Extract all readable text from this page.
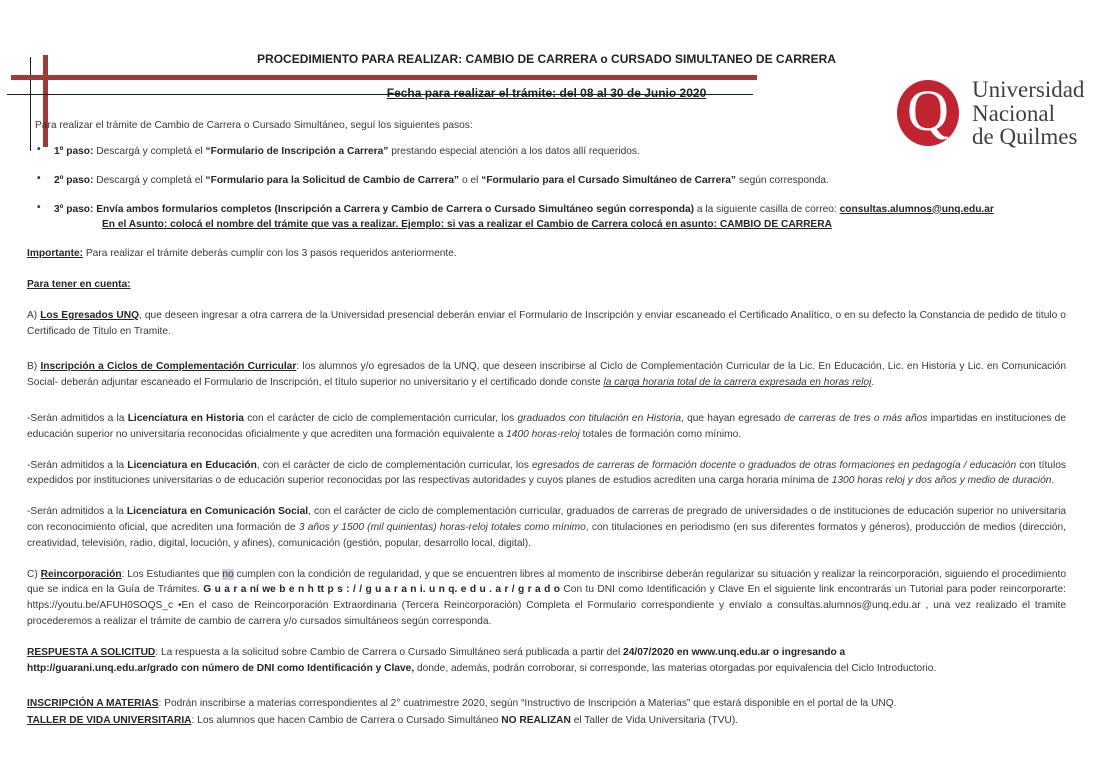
Q	Universidad
Nacional
de Quilmes
PROCEDIMIENTO PARA REALIZAR: CAMBIO DE CARRERA o CURSADO SIMULTANEO DE CARRERA
Fecha para realizar el trámite: del 08 al 30 de Junio 2020
Para realizar el trámite de Cambio de Carrera o Cursado Simultáneo, seguí los siguientes pasos:
•	1º paso: Descargá y completá el “Formulario de Inscripción a Carrera” prestando especial atención a los datos allí requeridos.
•	2º paso: Descargá y completá el “Formulario para la Solicitud de Cambio de Carrera” o el “Formulario para el Cursado Simultáneo de Carrera” según corresponda.
•	3º paso: Envía ambos formularios completos (Inscripción a Carrera y Cambio de Carrera o Cursado Simultáneo según corresponda) a la siguiente casilla de correo: consultas.alumnos@unq.edu.ar
En el Asunto: colocá el nombre del trámite que vas a realizar. Ejemplo: si vas a realizar el Cambio de Carrera colocá en asunto: CAMBIO DE CARRERA
Importante: Para realizar el trámite deberás cumplir con los 3 pasos requeridos anteriormente.
Para tener en cuenta:
A) Los Egresados UNQ, que deseen ingresar a otra carrera de la Universidad presencial deberán enviar el Formulario de Inscripción y enviar escaneado el Certificado Analítico, o en su defecto la Constancia de pedido de titulo o Certificado de Titulo en Tramite.
B) Inscripción a Ciclos de Complementación Curricular: los alumnos y/o egresados de la UNQ, que deseen inscribirse al Ciclo de Complementación Curricular de la Lic. En Educación, Lic. en Historia y Lic. en Comunicación Social- deberán adjuntar escaneado el Formulario de Inscripción, el título superior no universitario y el certificado donde conste la carga horaria total de la carrera expresada en horas reloj.
-Serán admitidos a la Licenciatura en Historia con el carácter de ciclo de complementación curricular, los graduados con titulación en Historia, que hayan egresado de carreras de tres o más años impartidas en instituciones de educación superior no universitaria reconocidas oficialmente y que acrediten una formación equivalente a 1400 horas-reloj totales de formación como mínimo.
-Serán admitidos a la Licenciatura en Educación, con el carácter de ciclo de complementación curricular, los egresados de carreras de formación docente o graduados de otras formaciones en pedagogía / educación con títulos expedidos por instituciones universitarias o de educación superior reconocidas por las respectivas autoridades y cuyos planes de estudios acrediten una carga horaria mínima de 1300 horas reloj y dos años y medio de duración.
-Serán admitidos a la Licenciatura en Comunicación Social, con el carácter de ciclo de complementación curricular, graduados de carreras de pregrado de universidades o de instituciones de educación superior no universitaria con reconocimiento oficial, que acrediten una formación de 3 años y 1500 (mil quinientas) horas-reloj totales como mínimo, con titulaciones en periodismo (en sus diferentes formatos y géneros), producción de medios (dirección, creatividad, televisión, radio, digital, locución, y afines), comunicación (gestión, popular, desarrollo local, digital).
C) Reincorporación: Los Estudiantes que no cumplen con la condición de regularidad, y que se encuentren libres al momento de inscribirse deberán regularizar su situación y realizar la reincorporación, siguiendo el procedimiento que se indica en la Guía de Trámites. G u a r a ní we b e n h tt p s : / / g u a r a n i. u n q. e d u . a r / g r a d o Con tu DNI como Identificación y Clave En el siguiente link encontrarás un Tutorial para poder reincorporarte: https://youtu.be/AFUH0SOQS_c •En el caso de Reincorporación Extraordinaria (Tercera Reincorporación) Completa el Formulario correspondiente y envíalo a consultas.alumnos@unq.edu.ar , una vez realizado el tramite procederemos a realizar el trámite de cambio de carrera y/o cursados simultáneos según corresponda.
RESPUESTA A SOLICITUD: La respuesta a la solicitud sobre Cambio de Carrera o Cursado Simultáneo será publicada a partir del 24/07/2020 en www.unq.edu.ar o ingresando a
http://guarani.unq.edu.ar/grado con número de DNI como Identificación y Clave, donde, además, podrán corroborar, si corresponde, las materias otorgadas por equivalencia del Ciclo Introductorio.
INSCRIPCIÓN A MATERIAS: Podrán inscribirse a materias correspondientes al 2° cuatrimestre 2020, según “Instructivo de Inscripción a Materias” que estará disponible en el portal de la UNQ.
TALLER DE VIDA UNIVERSITARIA: Los alumnos que hacen Cambio de Carrera o Cursado Simultáneo NO REALIZAN el Taller de Vida Universitaria (TVU).
